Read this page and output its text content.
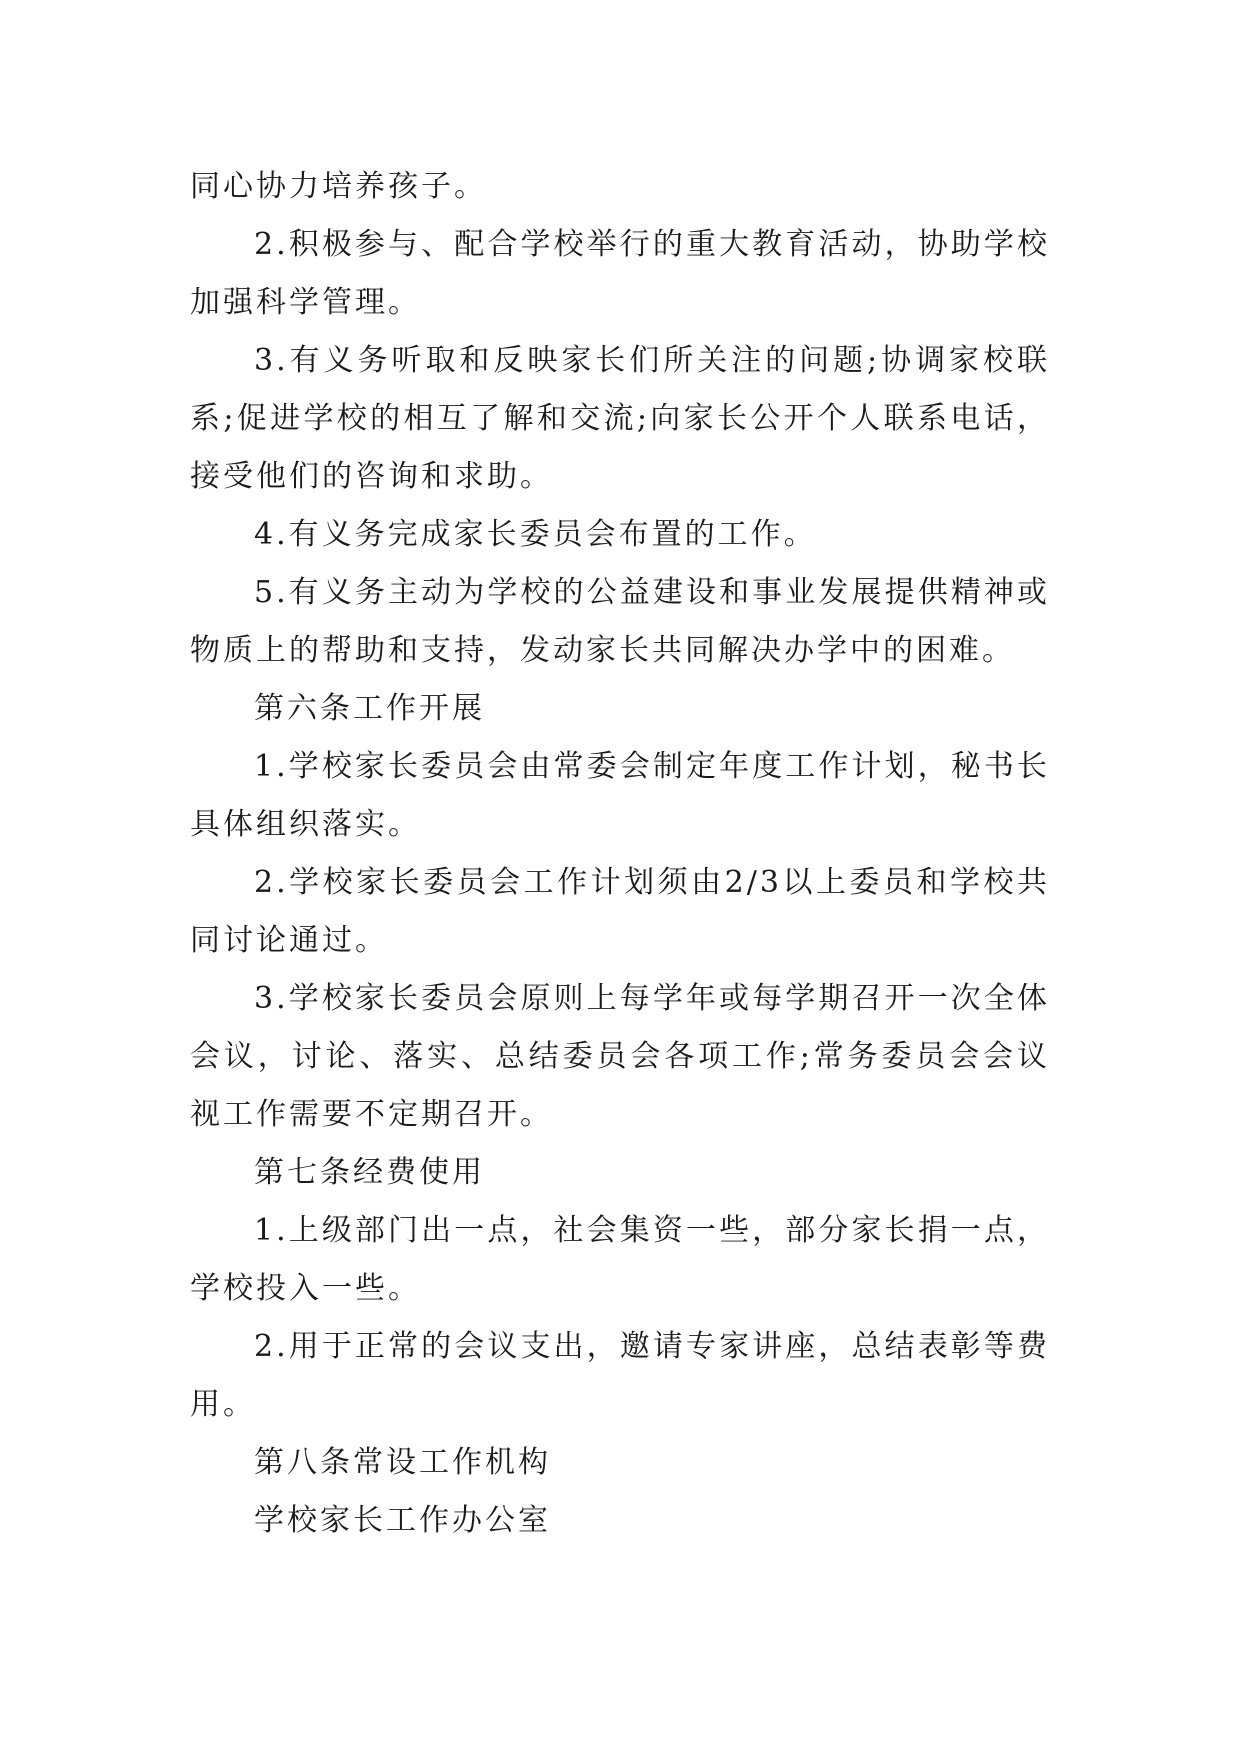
同心协力培养孩子。

2.积极参与、配合学校举行的重大教育活动，协助学校加强科学管理。

3.有义务听取和反映家长们所关注的问题;协调家校联系;促进学校的相互了解和交流;向家长公开个人联系电话，接受他们的咨询和求助。

4.有义务完成家长委员会布置的工作。

5.有义务主动为学校的公益建设和事业发展提供精神或物质上的帮助和支持，发动家长共同解决办学中的困难。

第六条工作开展

1.学校家长委员会由常委会制定年度工作计划，秘书长具体组织落实。

2.学校家长委员会工作计划须由2/3以上委员和学校共同讨论通过。

3.学校家长委员会原则上每学年或每学期召开一次全体会议，讨论、落实、总结委员会各项工作;常务委员会会议视工作需要不定期召开。

第七条经费使用

1.上级部门出一点，社会集资一些，部分家长捐一点，学校投入一些。

2.用于正常的会议支出，邀请专家讲座，总结表彰等费用。

第八条常设工作机构

学校家长工作办公室
